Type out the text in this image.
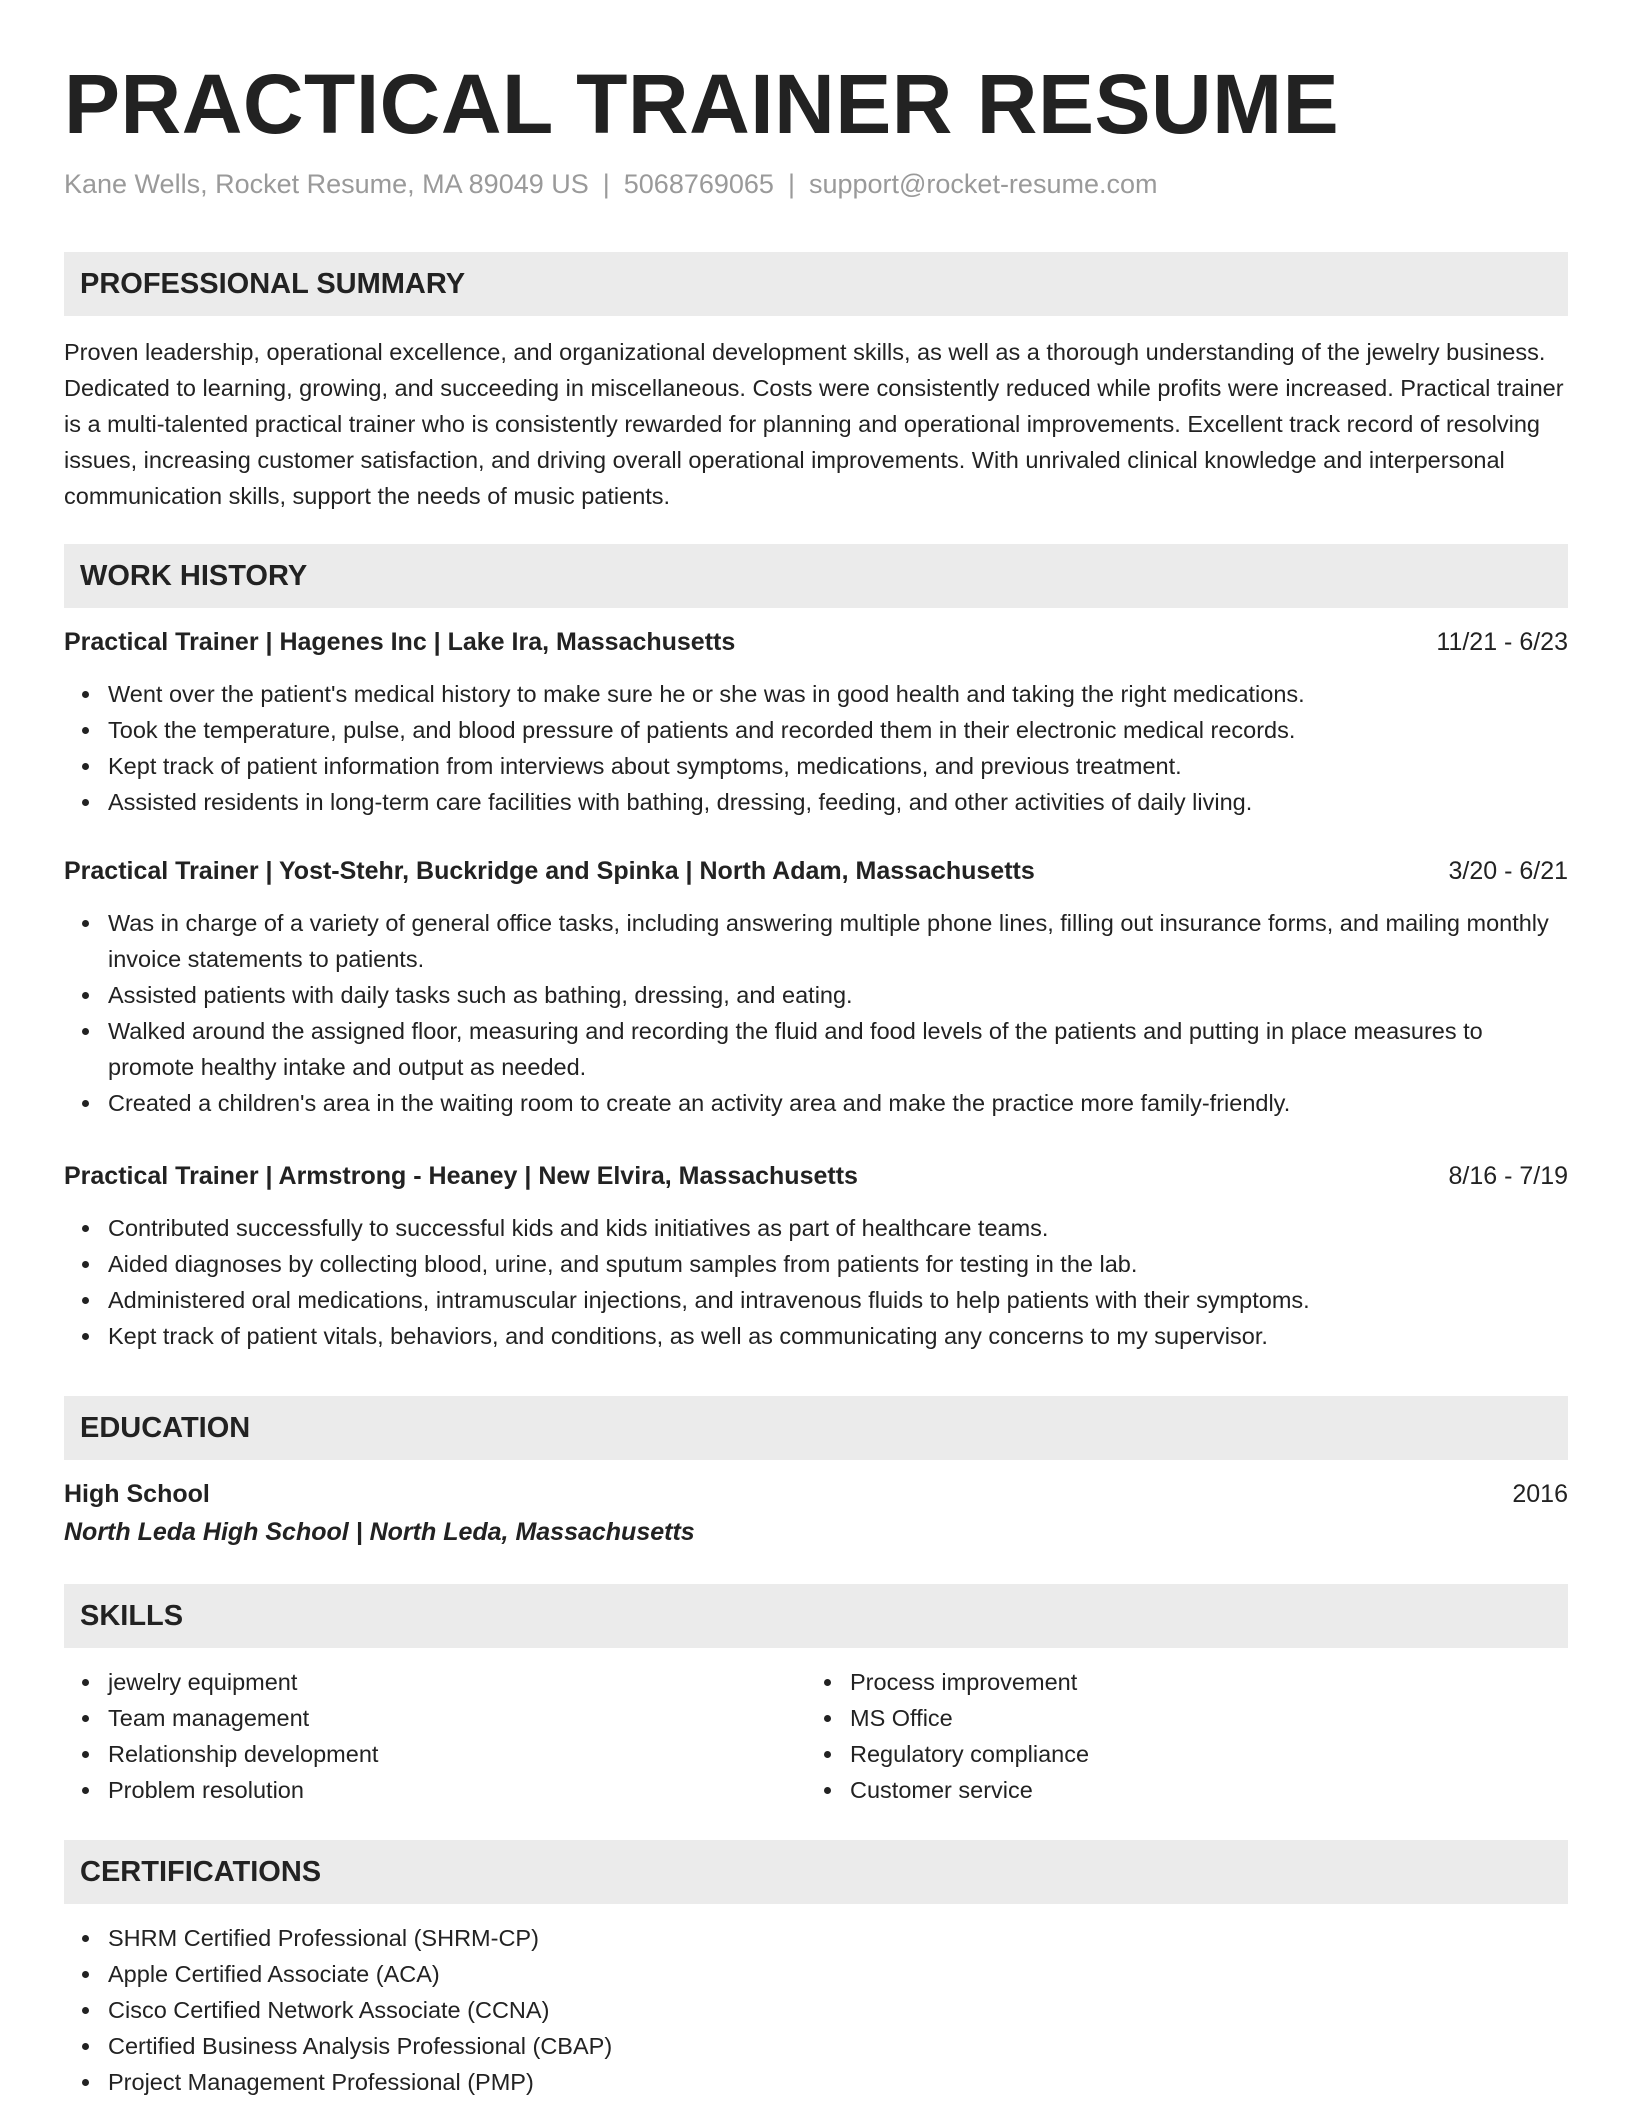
PRACTICAL TRAINER RESUME
Kane Wells, Rocket Resume, MA 89049 US | 5068769065 | support@rocket-resume.com
PROFESSIONAL SUMMARY

Proven leadership, operational excellence, and organizational development skills, as well as a thorough understanding of the jewelry business. Dedicated to learning, growing, and succeeding in miscellaneous. Costs were consistently reduced while profits were increased. Practical trainer is a multi-talented practical trainer who is consistently rewarded for planning and operational improvements. Excellent track record of resolving issues, increasing customer satisfaction, and driving overall operational improvements. With unrivaled clinical knowledge and interpersonal communication skills, support the needs of music patients.

WORK HISTORY
Practical Trainer | Hagenes Inc | Lake Ira, Massachusetts	11/21 - 6/23
Went over the patient's medical history to make sure he or she was in good health and taking the right medications.
Took the temperature, pulse, and blood pressure of patients and recorded them in their electronic medical records.
Kept track of patient information from interviews about symptoms, medications, and previous treatment.
Assisted residents in long-term care facilities with bathing, dressing, feeding, and other activities of daily living.
Practical Trainer | Yost-Stehr, Buckridge and Spinka | North Adam, Massachusetts	3/20 - 6/21
Was in charge of a variety of general office tasks, including answering multiple phone lines, filling out insurance forms, and mailing monthly invoice statements to patients.
Assisted patients with daily tasks such as bathing, dressing, and eating.
Walked around the assigned floor, measuring and recording the fluid and food levels of the patients and putting in place measures to promote healthy intake and output as needed.
Created a children's area in the waiting room to create an activity area and make the practice more family-friendly.
Practical Trainer | Armstrong - Heaney | New Elvira, Massachusetts	8/16 - 7/19
Contributed successfully to successful kids and kids initiatives as part of healthcare teams.
Aided diagnoses by collecting blood, urine, and sputum samples from patients for testing in the lab.
Administered oral medications, intramuscular injections, and intravenous fluids to help patients with their symptoms.
Kept track of patient vitals, behaviors, and conditions, as well as communicating any concerns to my supervisor.
EDUCATION
High School	2016
North Leda High School | North Leda, Massachusetts
SKILLS
jewelry equipment
Team management
Relationship development
Problem resolution
Process improvement
MS Office
Regulatory compliance
Customer service
CERTIFICATIONS
SHRM Certified Professional (SHRM-CP)
Apple Certified Associate (ACA)
Cisco Certified Network Associate (CCNA)
Certified Business Analysis Professional (CBAP)
Project Management Professional (PMP)
